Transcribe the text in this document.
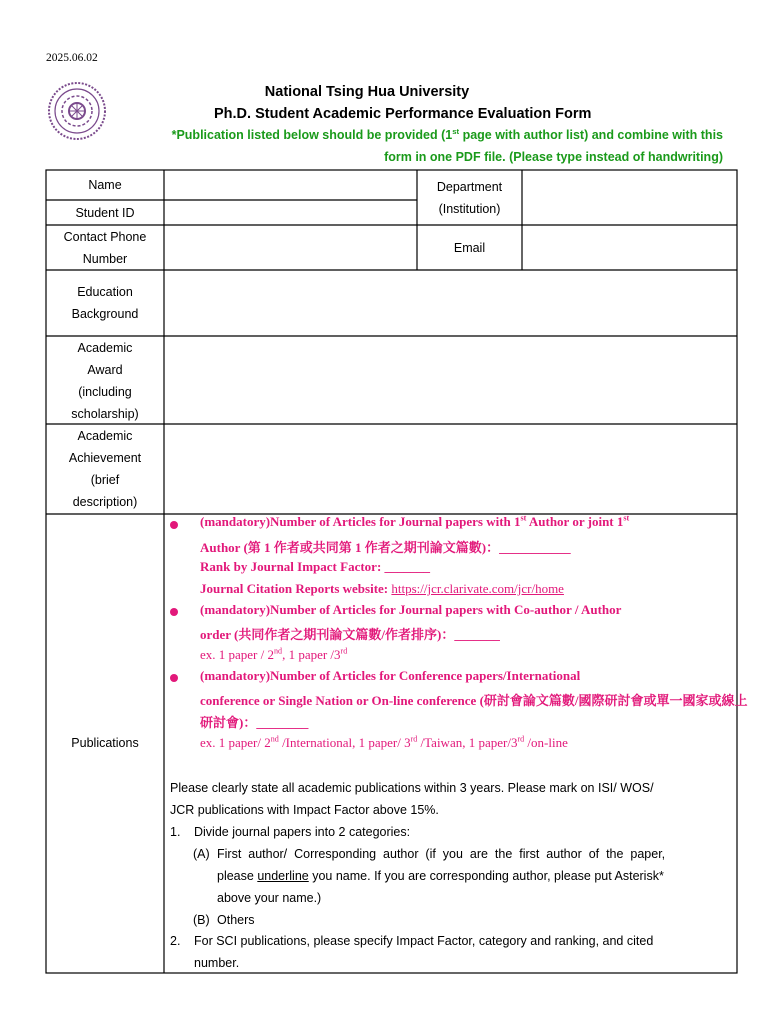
2025.06.02
National Tsing Hua University
Ph.D. Student Academic Performance Evaluation Form
*Publication listed below should be provided (1st page with author list) and combine with this
form in one PDF file. (Please type instead of handwriting)
Name
Student ID
Department
(Institution)
Contact Phone
Number
Email
Education
Background
Academic
Award
(including
scholarship)
Academic
Achievement
(brief
description)
Publications
(mandatory)Number of Articles for Journal papers with 1st Author or joint 1st
Author (第 1 作者或共同第 1 作者之期刊論文篇數)：___________
Rank by Journal Impact Factor: _______
Journal Citation Reports website: https://jcr.clarivate.com/jcr/home
(mandatory)Number of Articles for Journal papers with Co-author / Author
order (共同作者之期刊論文篇數/作者排序)：_______
ex. 1 paper / 2nd, 1 paper /3rd
(mandatory)Number of Articles for Conference papers/International
conference or Single Nation or On-line conference (研討會論文篇數/國際研討會或單一國家或線上
研討會)：________
ex. 1 paper/ 2nd /International, 1 paper/ 3rd /Taiwan, 1 paper/3rd /on-line
Please clearly state all academic publications within 3 years. Please mark on ISI/ WOS/
JCR publications with Impact Factor above 15%.
1. Divide journal papers into 2 categories:
(A) First  author/  Corresponding  author  (if  you  are  the  first  author  of  the  paper,
please underline you name. If you are corresponding author, please put Asterisk*
above your name.)
(B) Others
2. For SCI publications, please specify Impact Factor, category and ranking, and cited
number.
